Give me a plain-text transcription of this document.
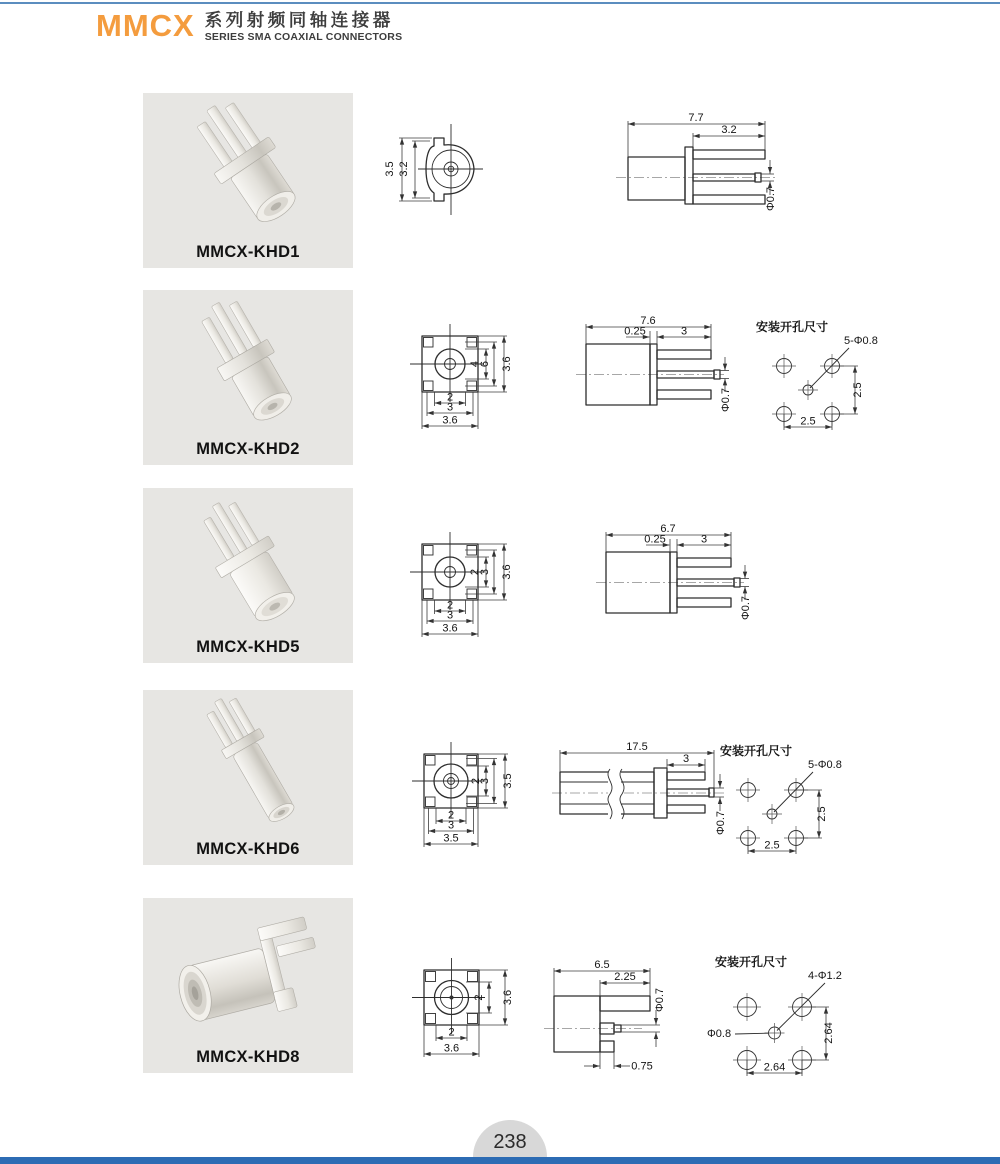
MMCX 系列射频同轴连接器
SERIES SMA COAXIAL CONNECTORS
MMCX-KHD1
3.5 3.2
7.7
3.2
Φ0.7
MMCX-KHD2
2
3
3.6
4
6 3.6
7.6
0.25	3
Φ0.7
安装开孔尺寸
5-Φ0.8
2.5
2.5
MMCX-KHD5
2
3
3.6
2
3 3.6
6.7
0.25	3
Φ0.7
MMCX-KHD6
2
3
3.5
2
3 3.5
17.5
3
Φ0.7
安装开孔尺寸
5-Φ0.8
2.5
2.5
MMCX-KHD8
2
3.6
2 3.6
6.5
2.25
Φ0.7
0.75
安装开孔尺寸
4-Φ1.2
Φ0.8	2.64
2.64
238
